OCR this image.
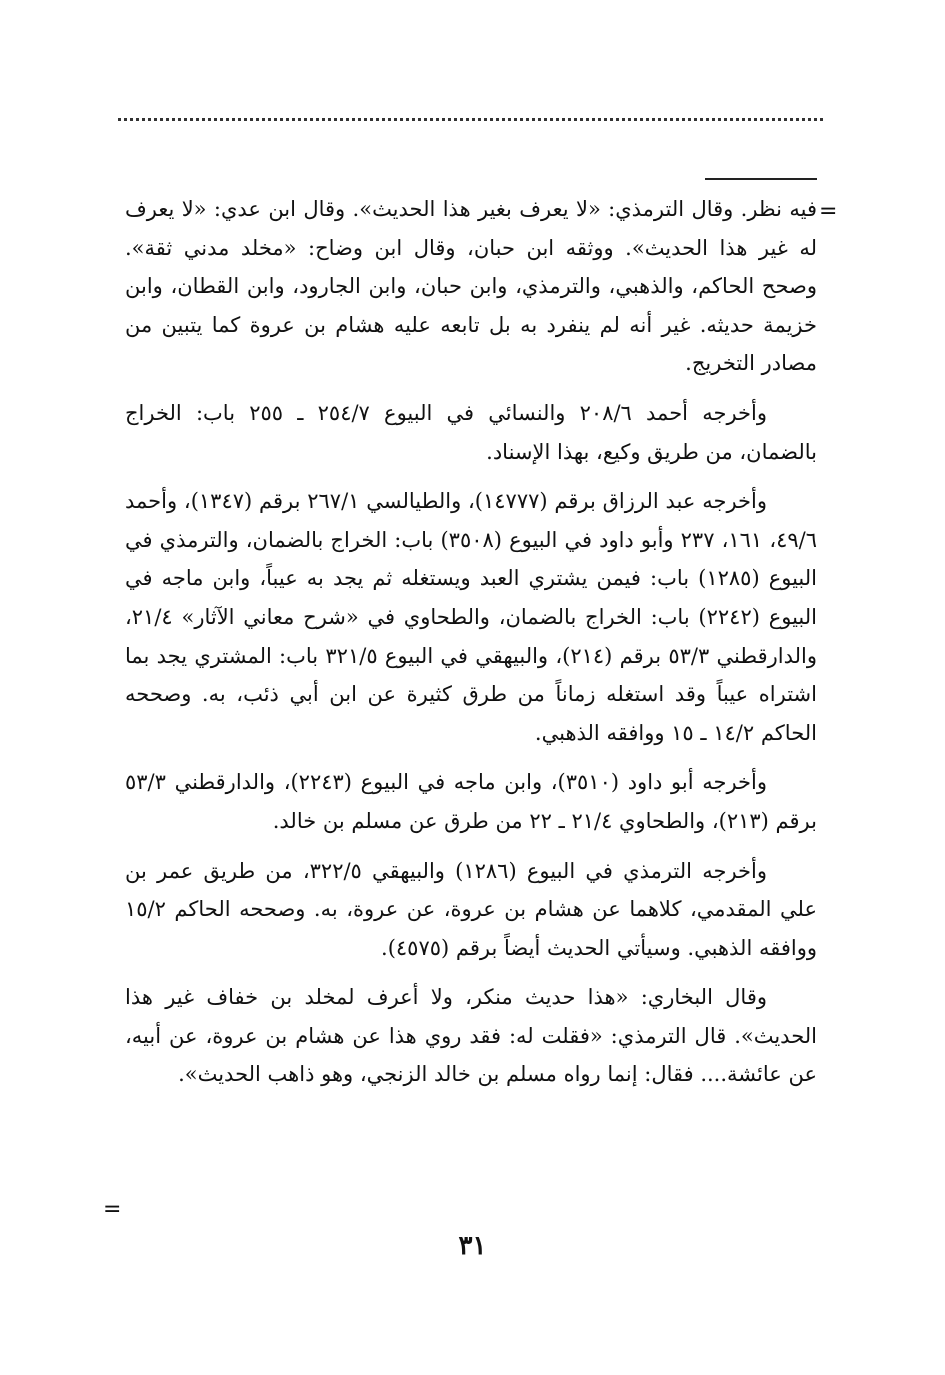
=

فيه نظر. وقال الترمذي: «لا يعرف بغير هذا الحديث». وقال ابن عدي: «لا يعرف له غير هذا الحديث». ووثقه ابن حبان، وقال ابن وضاح: «مخلد مدني ثقة». وصحح الحاكم، والذهبي، والترمذي، وابن حبان، وابن الجارود، وابن القطان، وابن خزيمة حديثه. غير أنه لم ينفرد به بل تابعه عليه هشام بن عروة كما يتبين من مصادر التخريج.

وأخرجه أحمد ٢٠٨/٦ والنسائي في البيوع ٢٥٤/٧ ـ ٢٥٥ باب: الخراج بالضمان، من طريق وكيع، بهذا الإسناد.

وأخرجه عبد الرزاق برقم (١٤٧٧٧)، والطيالسي ٢٦٧/١ برقم (١٣٤٧)، وأحمد ٤٩/٦، ١٦١، ٢٣٧ وأبو داود في البيوع (٣٥٠٨) باب: الخراج بالضمان، والترمذي في البيوع (١٢٨٥) باب: فيمن يشتري العبد ويستغله ثم يجد به عيباً، وابن ماجه في البيوع (٢٢٤٢) باب: الخراج بالضمان، والطحاوي في «شرح معاني الآثار» ٢١/٤، والدارقطني ٥٣/٣ برقم (٢١٤)، والبيهقي في البيوع ٣٢١/٥ باب: المشتري يجد بما اشتراه عيباً وقد استغله زماناً من طرق كثيرة عن ابن أبي ذئب، به. وصححه الحاكم ١٤/٢ ـ ١٥ ووافقه الذهبي.

وأخرجه أبو داود (٣٥١٠)، وابن ماجه في البيوع (٢٢٤٣)، والدارقطني ٥٣/٣ برقم (٢١٣)، والطحاوي ٢١/٤ ـ ٢٢ من طرق عن مسلم بن خالد.

وأخرجه الترمذي في البيوع (١٢٨٦) والبيهقي ٣٢٢/٥، من طريق عمر بن علي المقدمي، كلاهما عن هشام بن عروة، عن عروة، به. وصححه الحاكم ١٥/٢ ووافقه الذهبي. وسيأتي الحديث أيضاً برقم (٤٥٧٥).

وقال البخاري: «هذا حديث منكر، ولا أعرف لمخلد بن خفاف غير هذا الحديث». قال الترمذي: «فقلت له: فقد روي هذا عن هشام بن عروة، عن أبيه، عن عائشة.... فقال: إنما رواه مسلم بن خالد الزنجي، وهو ذاهب الحديث».

=
٣١
